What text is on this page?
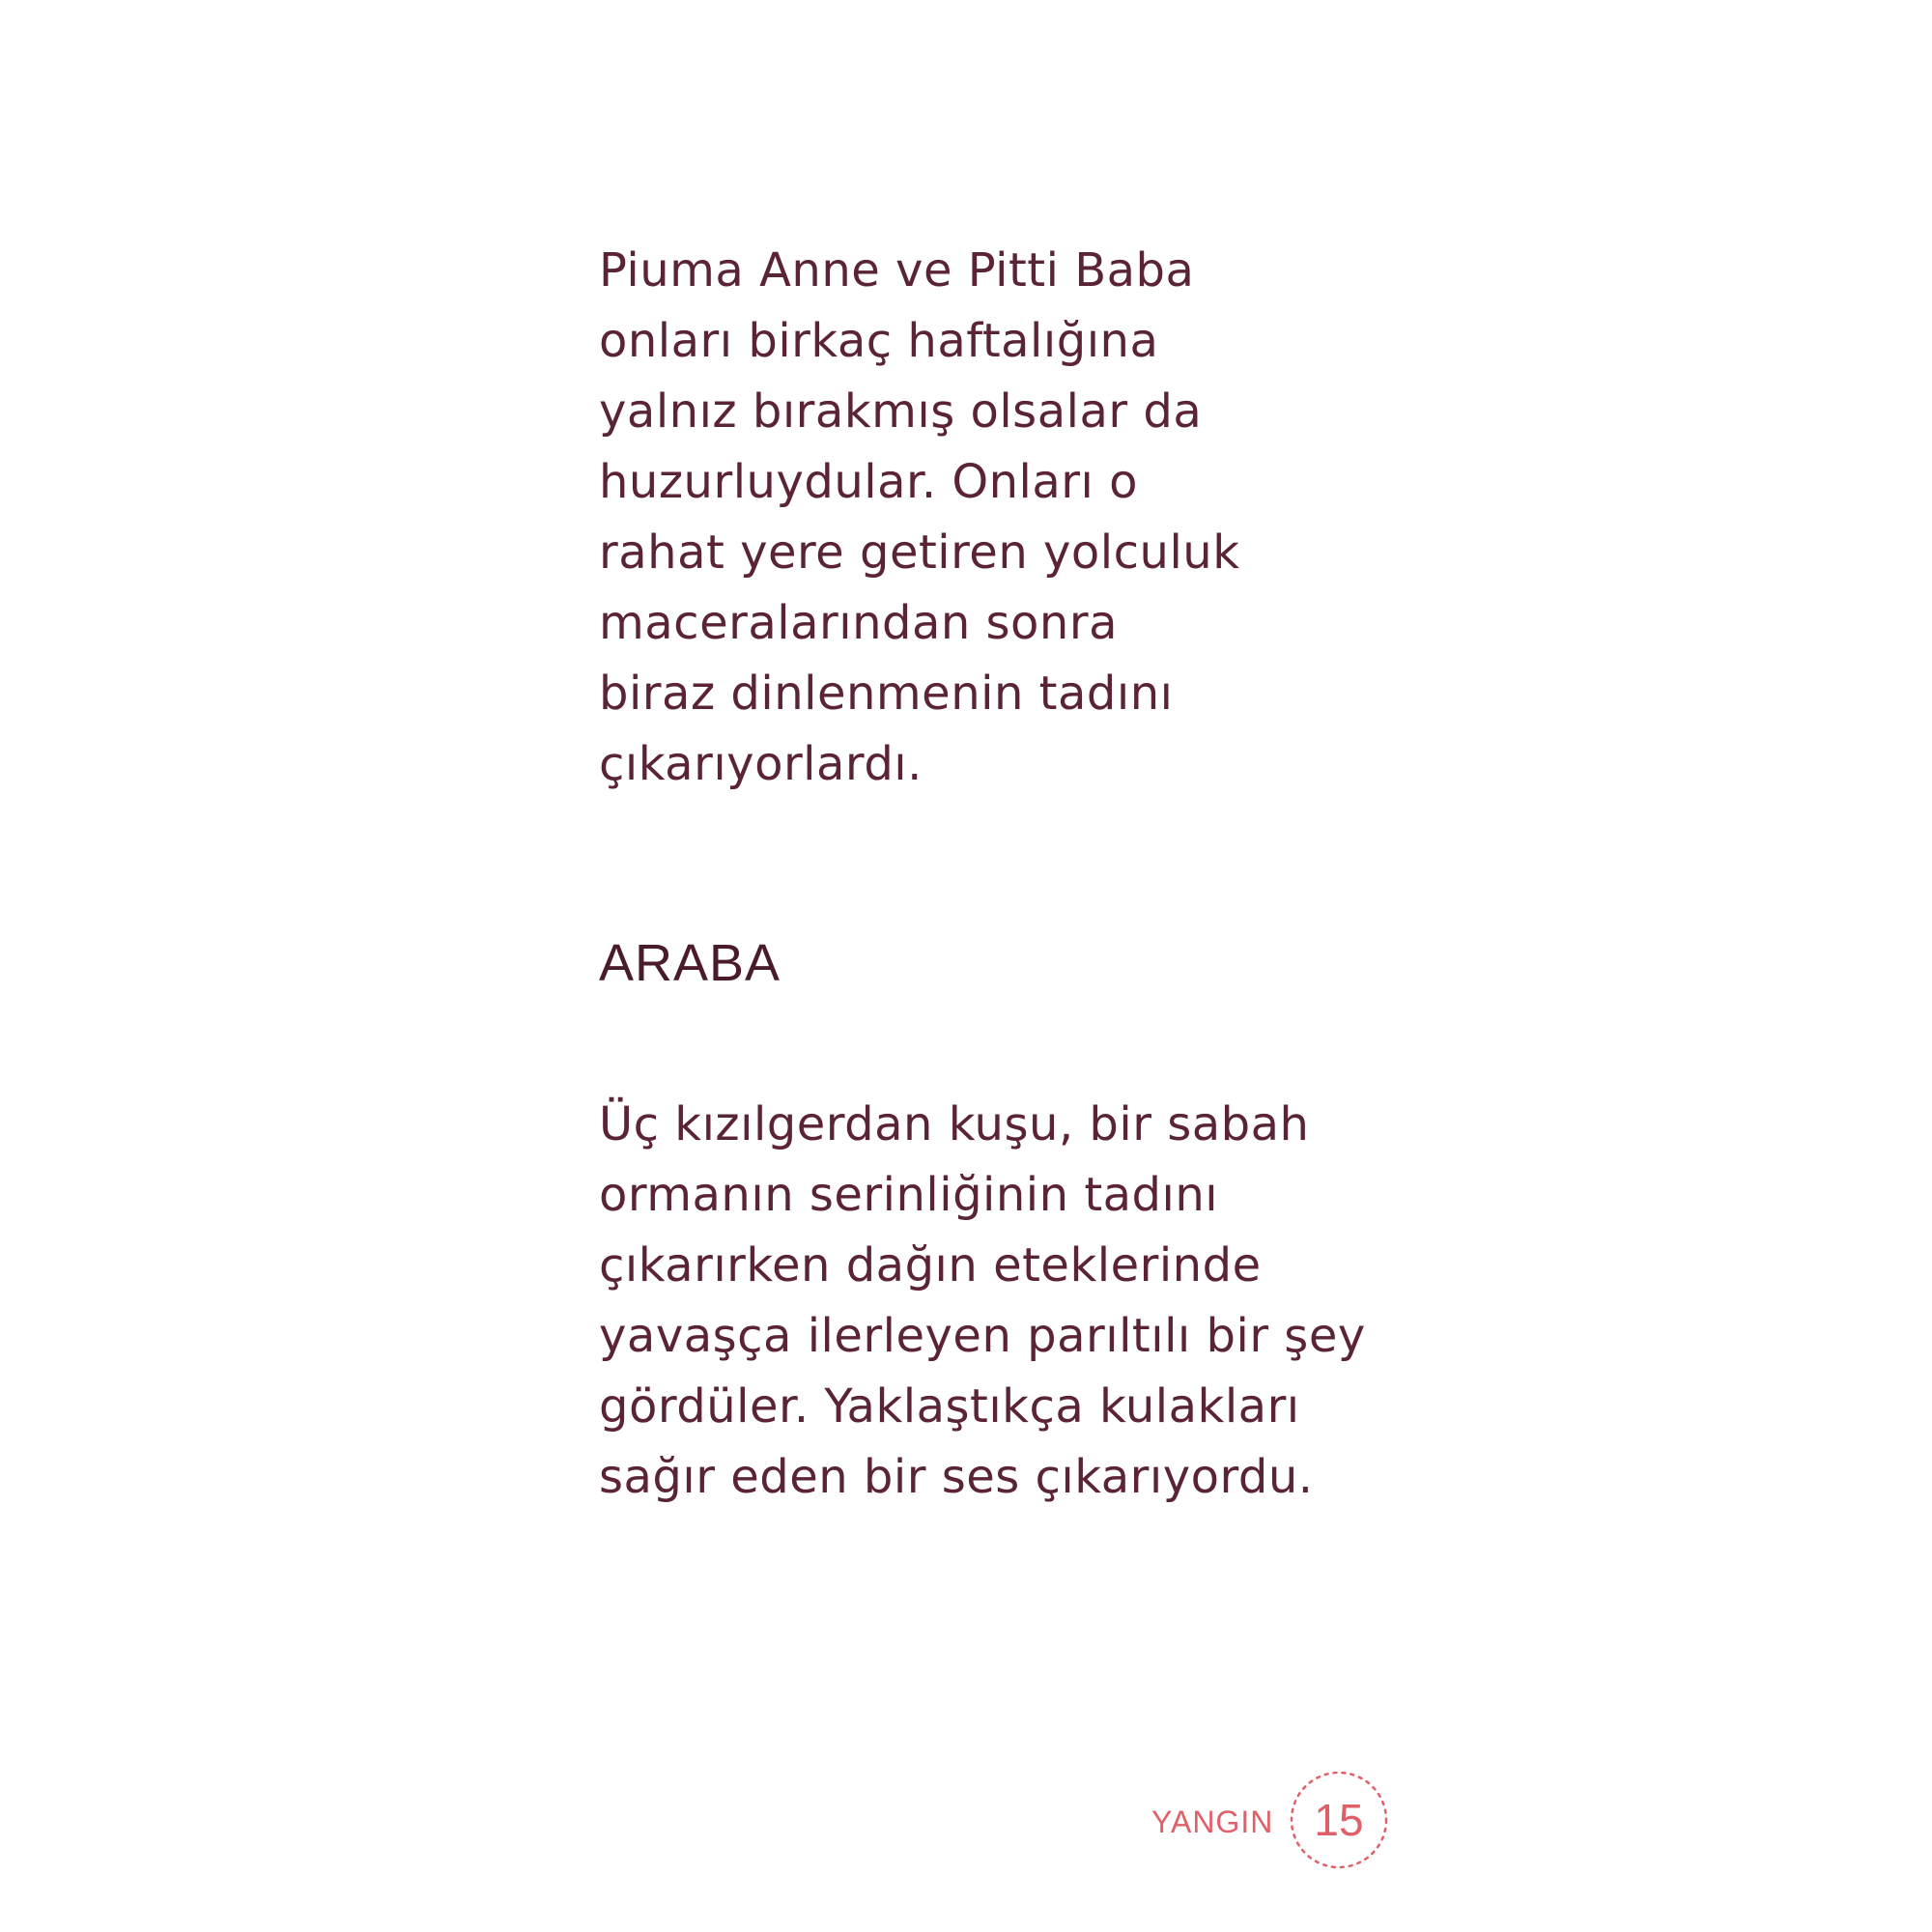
Piuma Anne ve Pitti Baba
onları birkaç haftalığına
yalnız bırakmış olsalar da
huzurluydular. Onları o
rahat yere getiren yolculuk
maceralarından sonra
biraz dinlenmenin tadını
çıkarıyorlardı.
ARABA
Üç kızılgerdan kuşu, bir sabah
ormanın serinliğinin tadını
çıkarırken dağın eteklerinde
yavaşça ilerleyen parıltılı bir şey
gördüler. Yaklaştıkça kulakları
sağır eden bir ses çıkarıyordu.
YANGIN 15
